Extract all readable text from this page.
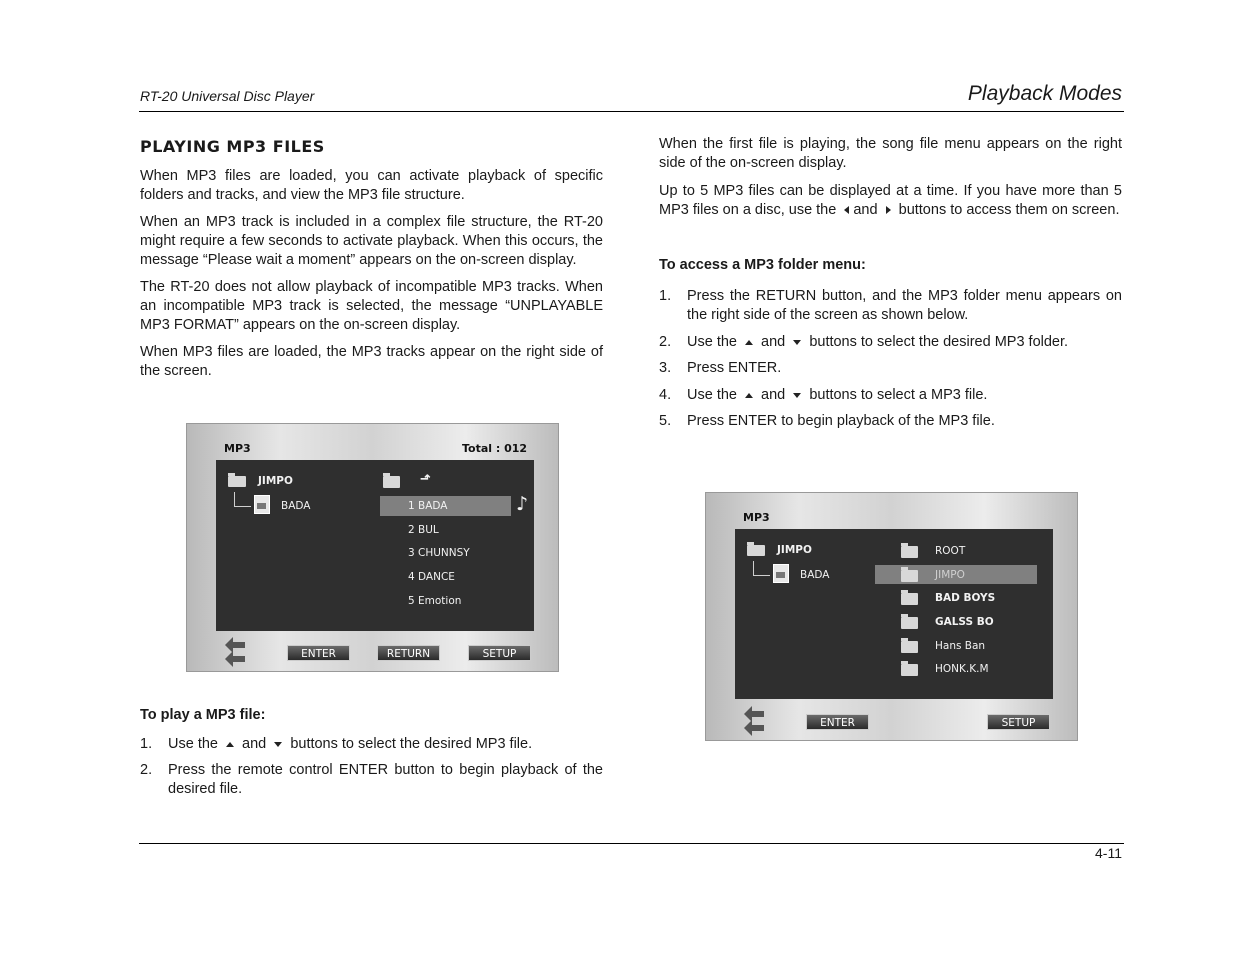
RT-20 Universal Disc Player	Playback Modes
PLAYING MP3 FILES

When MP3 files are loaded, you can activate playback of specific folders and tracks, and view the MP3 file structure.

When an MP3 track is included in a complex file structure, the RT-20 might require a few seconds to activate playback. When this occurs, the message “Please wait a moment” appears on the on-screen display.

The RT-20 does not allow playback of incompatible MP3 tracks. When an incompatible MP3 track is selected, the message “UNPLAYABLE MP3 FORMAT” appears on the on-screen display.

When MP3 files are loaded, the MP3 tracks appear on the right side of the screen.

MP3	Total : 012
JIMPO
BADA
⬏
1 BADA
2 BUL
3 CHUNNSY
4 DANCE
5 Emotion
♪
ENTER	RETURN	SETUP
To play a MP3 file:
1. Use the and buttons to select the desired MP3 file.
2. Press the remote control ENTER button to begin playback of the desired file.

When the first file is playing, the song file menu appears on the right side of the on-screen display.

Up to 5 MP3 files can be displayed at a time. If you have more than 5 MP3 files on a disc, use the and buttons to access them on screen.

To access a MP3 folder menu:
1. Press the RETURN button, and the MP3 folder menu appears on the right side of the screen as shown below.
2. Use the and buttons to select the desired MP3 folder.
3. Press ENTER.
4. Use the and buttons to select a MP3 file.
5. Press ENTER to begin playback of the MP3 file.
MP3
JIMPO
BADA
ROOT
JIMPO
BAD BOYS
GALSS BO
Hans Ban
HONK.K.M
ENTER	SETUP
4-11
